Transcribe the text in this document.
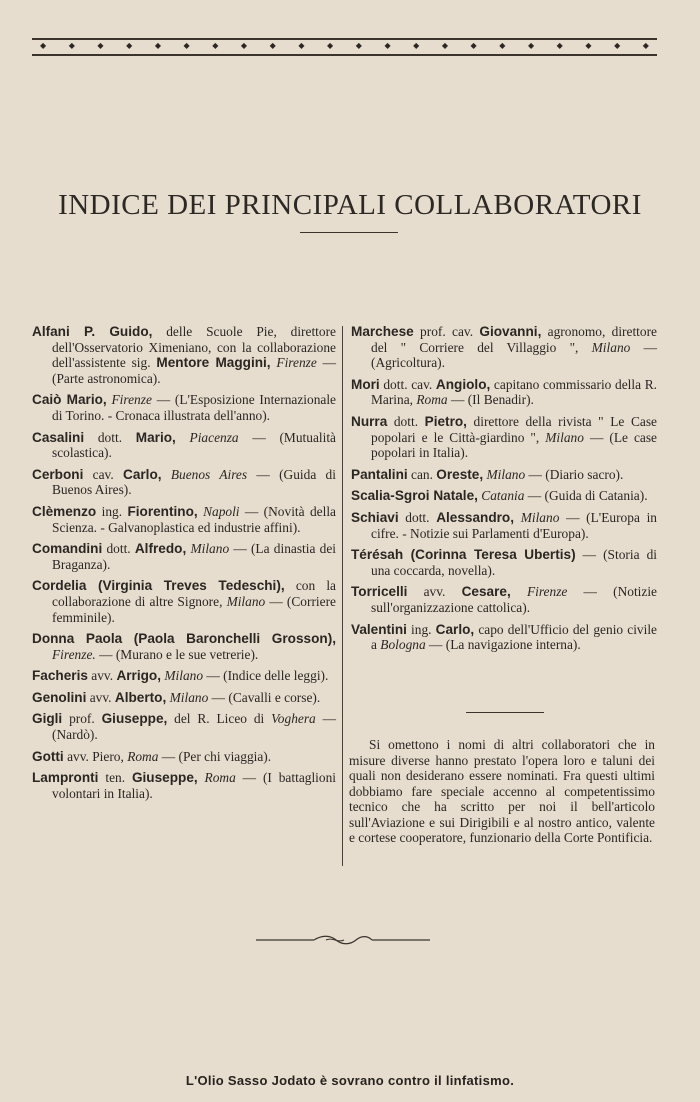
◆	◆	◆	◆	◆	◆	◆	◆	◆	◆	◆	◆	◆	◆	◆	◆	◆	◆	◆	◆	◆	◆
INDICE DEI PRINCIPALI COLLABORATORI

Alfani P. Guido, delle Scuole Pie, direttore dell'Osservatorio Ximeniano, con la collaborazione dell'assistente sig. Mentore Maggini, Firenze — (Parte astronomica).

Caiò Mario, Firenze — (L'Esposizione Internazionale di Torino. - Cronaca illustrata dell'anno).

Casalini dott. Mario, Piacenza — (Mutualità scolastica).

Cerboni cav. Carlo, Buenos Aires — (Guida di Buenos Aires).

Clèmenzo ing. Fiorentino, Napoli — (Novità della Scienza. - Galvanoplastica ed industrie affini).

Comandini dott. Alfredo, Milano — (La dinastia dei Braganza).

Cordelia (Virginia Treves Tedeschi), con la collaborazione di altre Signore, Milano — (Corriere femminile).

Donna Paola (Paola Baronchelli Grosson), Firenze. — (Murano e le sue vetrerie).

Facheris avv. Arrigo, Milano — (Indice delle leggi).

Genolini avv. Alberto, Milano — (Cavalli e corse).

Gigli prof. Giuseppe, del R. Liceo di Voghera — (Nardò).

Gotti avv. Piero, Roma — (Per chi viaggia).

Lampronti ten. Giuseppe, Roma — (I battaglioni volontari in Italia).

Marchese prof. cav. Giovanni, agronomo, direttore del " Corriere del Villaggio ", Milano — (Agricoltura).

Mori dott. cav. Angiolo, capitano commissario della R. Marina, Roma — (Il Benadir).

Nurra dott. Pietro, direttore della rivista " Le Case popolari e le Città-giardino ", Milano — (Le case popolari in Italia).

Pantalini can. Oreste, Milano — (Diario sacro).

Scalia-Sgroi Natale, Catania — (Guida di Catania).

Schiavi dott. Alessandro, Milano — (L'Europa in cifre. - Notizie sui Parlamenti d'Europa).

Térésah (Corinna Teresa Ubertis) — (Storia di una coccarda, novella).

Torricelli avv. Cesare, Firenze — (Notizie sull'organizzazione cattolica).

Valentini ing. Carlo, capo dell'Ufficio del genio civile a Bologna — (La navigazione interna).

Si omettono i nomi di altri collaboratori che in misure diverse hanno prestato l'opera loro e taluni dei quali non desiderano essere nominati. Fra questi ultimi dobbiamo fare speciale accenno al competentissimo tecnico che ha scritto per noi il bell'articolo sull'Aviazione e sui Dirigibili e al nostro antico, valente e cortese cooperatore, funzionario della Corte Pontificia.

L'Olio Sasso Jodato è sovrano contro il linfatismo.
